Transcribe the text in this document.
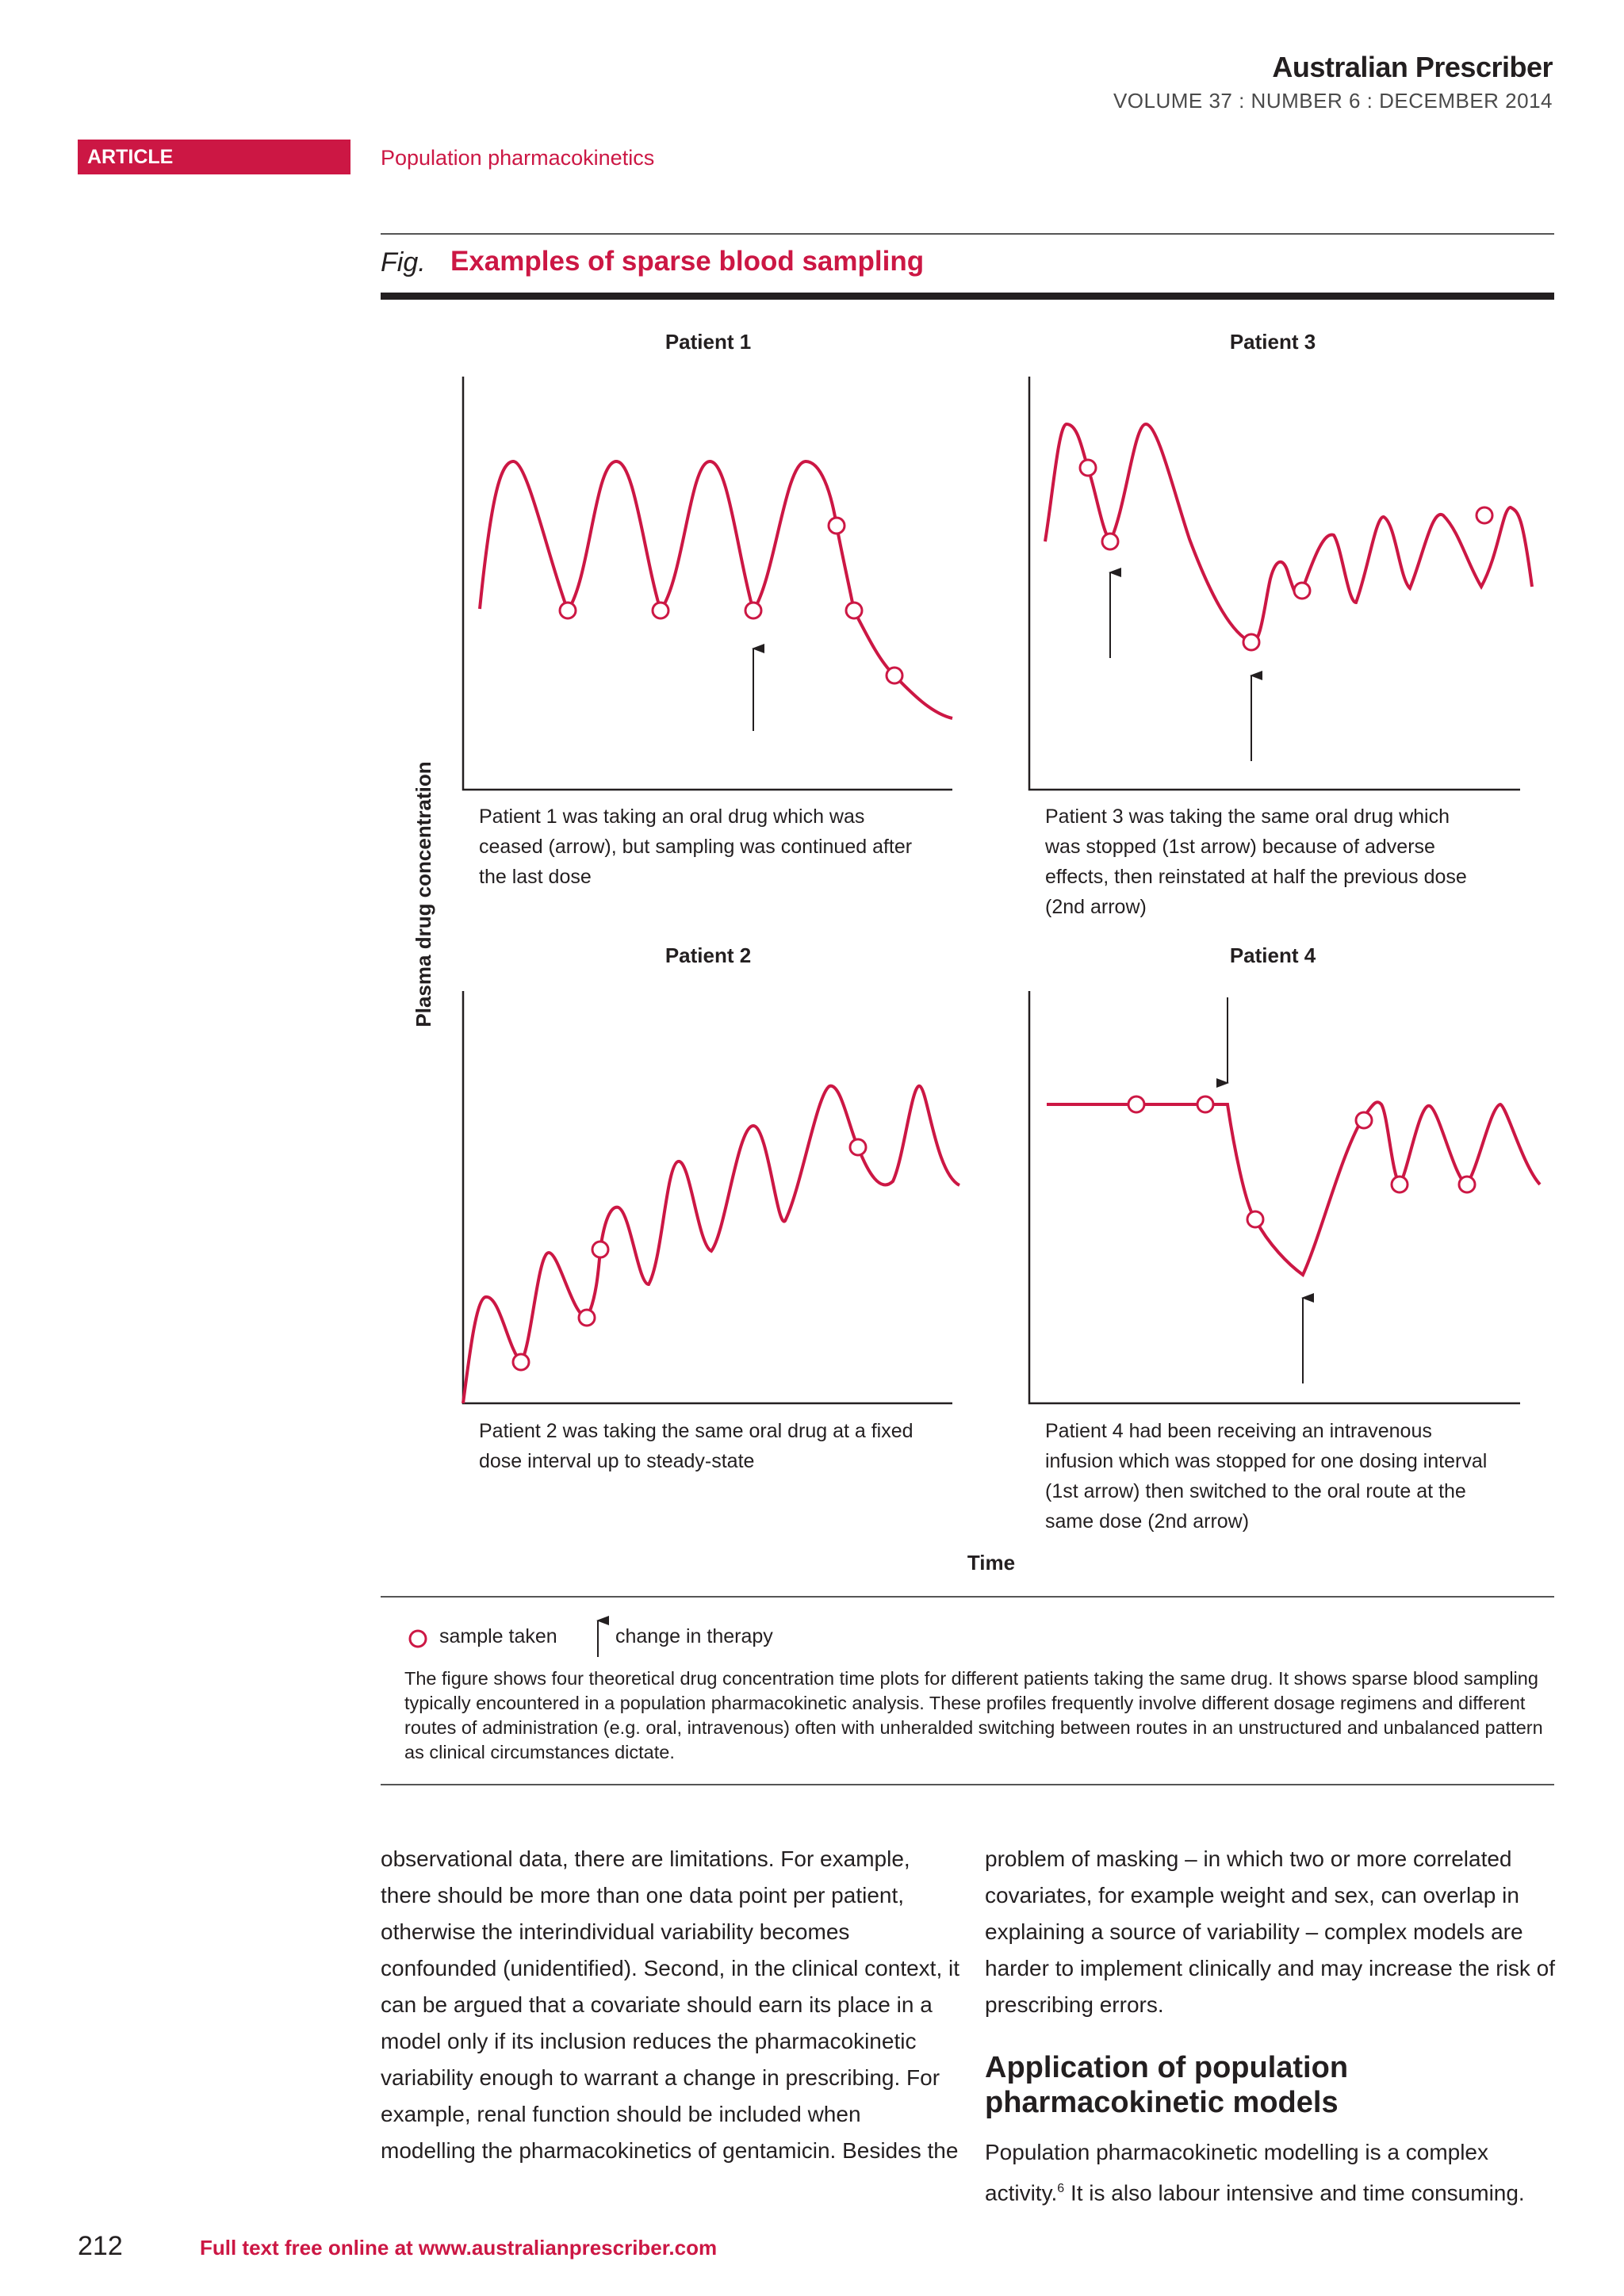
Australian Prescriber
VOLUME 37 : NUMBER 6 : DECEMBER 2014
ARTICLE	Population pharmacokinetics
Fig. Examples of sparse blood sampling
Patient 1	Patient 3
Patient 2	Patient 4
Plasma drug concentration
Time
Patient 1 was taking an oral drug which was ceased (arrow), but sampling was continued after the last dose
Patient 3 was taking the same oral drug which was stopped (1st arrow) because of adverse effects, then reinstated at half the previous dose (2nd arrow)
Patient 2 was taking the same oral drug at a fixed dose interval up to steady-state
Patient 4 had been receiving an intravenous infusion which was stopped for one dosing interval (1st arrow) then switched to the oral route at the same dose (2nd arrow)
sample taken	change in therapy
The figure shows four theoretical drug concentration time plots for different patients taking the same drug. It shows sparse blood sampling typically encountered in a population pharmacokinetic analysis. These profiles frequently involve different dosage regimens and different routes of administration (e.g. oral, intravenous) often with unheralded switching between routes in an unstructured and unbalanced pattern as clinical circumstances dictate.

observational data, there are limitations. For example, there should be more than one data point per patient, otherwise the interindividual variability becomes confounded (unidentified). Second, in the clinical context, it can be argued that a covariate should earn its place in a model only if its inclusion reduces the pharmacokinetic variability enough to warrant a change in prescribing. For example, renal function should be included when modelling the pharmacokinetics of gentamicin. Besides the

problem of masking – in which two or more correlated covariates, for example weight and sex, can overlap in explaining a source of variability – complex models are harder to implement clinically and may increase the risk of prescribing errors.

Application of population pharmacokinetic models

Population pharmacokinetic modelling is a complex activity.$^6$ It is also labour intensive and time consuming.

212	Full text free online at www.australianprescriber.com
